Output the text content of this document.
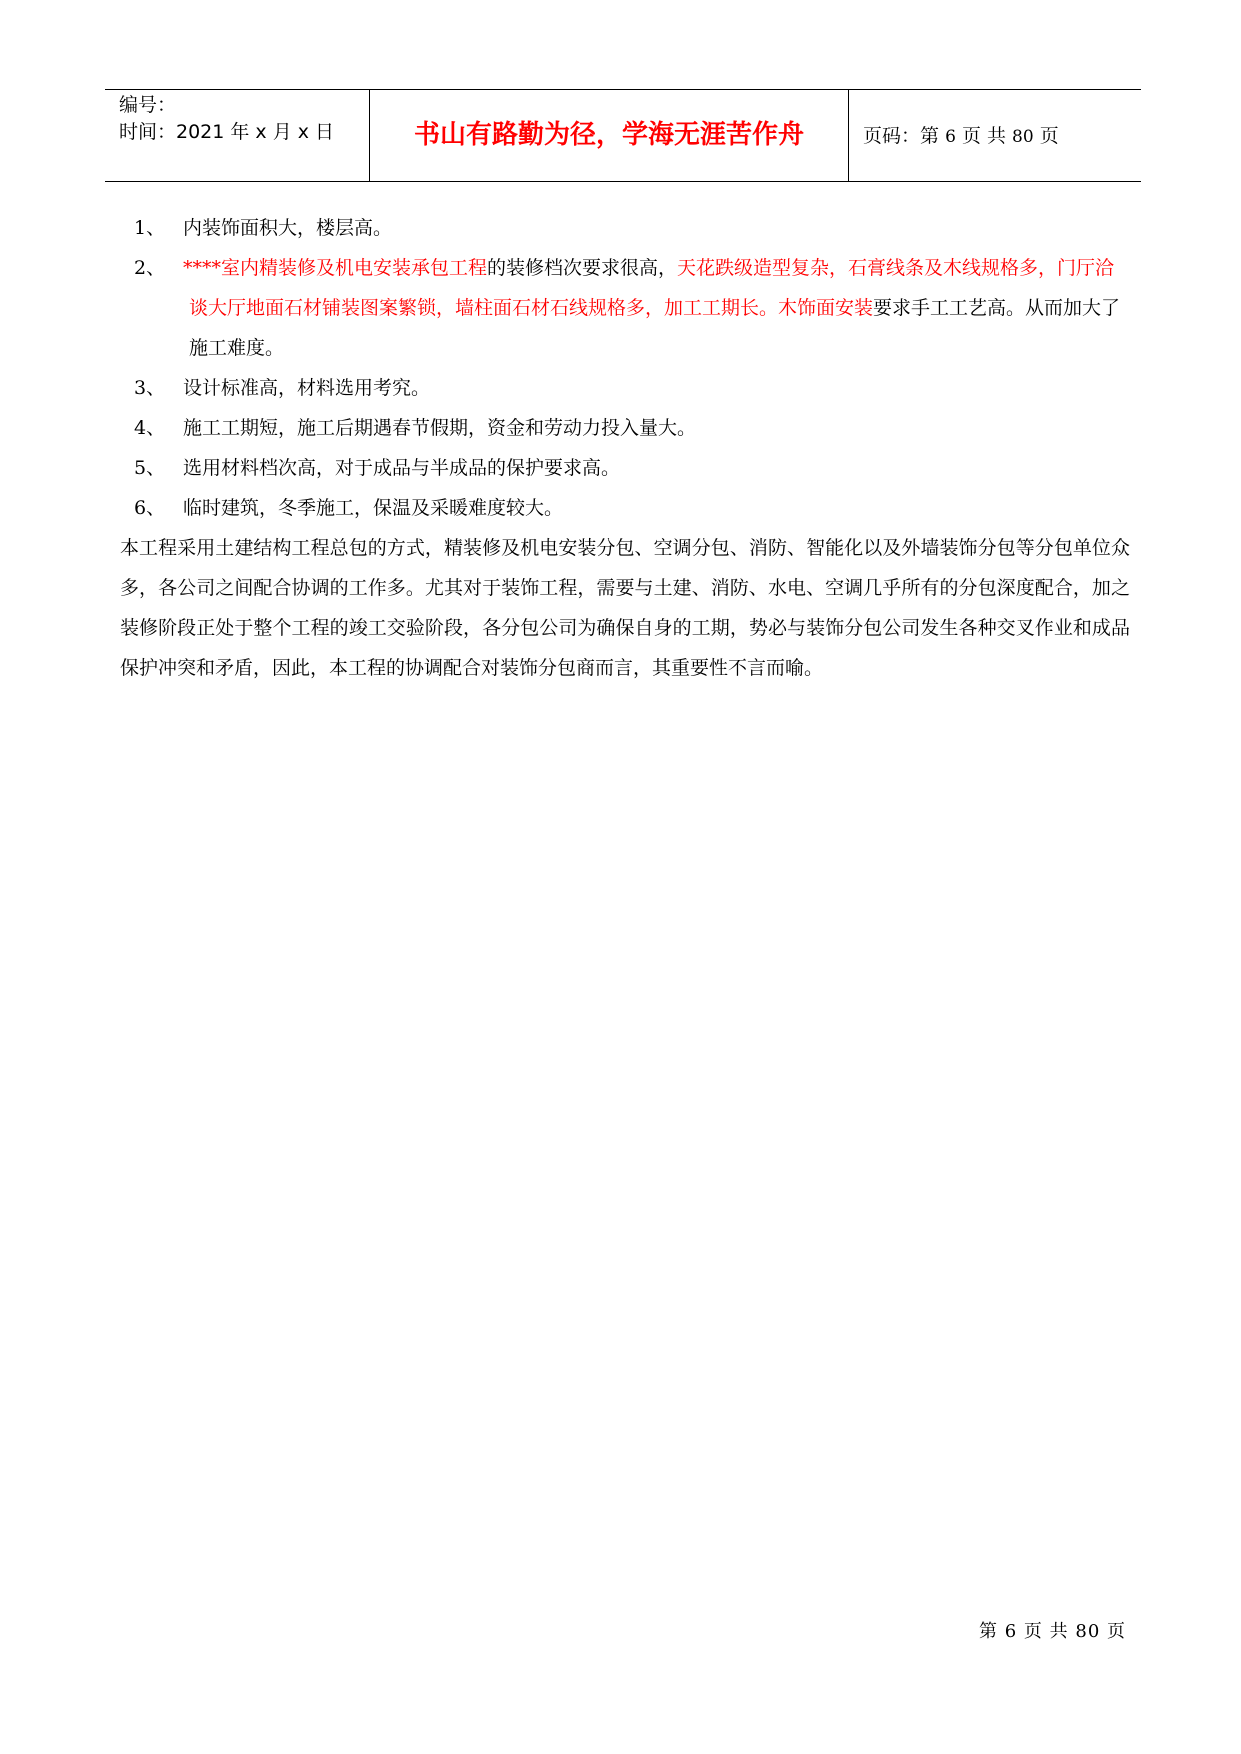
编号：
时间：2021 年 x 月 x 日	书山有路勤为径，学海无涯苦作舟	页码：第 6 页 共 80 页

1、 内装饰面积大，楼层高。

2、 ****室内精装修及机电安装承包工程的装修档次要求很高，天花跌级造型复杂，石膏线条及木线规格多，门厅洽谈大厅地面石材铺装图案繁锁，墙柱面石材石线规格多，加工工期长。木饰面安装要求手工工艺高。从而加大了施工难度。

3、 设计标准高，材料选用考究。

4、 施工工期短，施工后期遇春节假期，资金和劳动力投入量大。

5、 选用材料档次高，对于成品与半成品的保护要求高。

6、 临时建筑，冬季施工，保温及采暖难度较大。

本工程采用土建结构工程总包的方式，精装修及机电安装分包、空调分包、消防、智能化以及外墙装饰分包等分包单位众多，各公司之间配合协调的工作多。尤其对于装饰工程，需要与土建、消防、水电、空调几乎所有的分包深度配合，加之装修阶段正处于整个工程的竣工交验阶段，各分包公司为确保自身的工期，势必与装饰分包公司发生各种交叉作业和成品保护冲突和矛盾，因此，本工程的协调配合对装饰分包商而言，其重要性不言而喻。

第 6 页 共 80 页
